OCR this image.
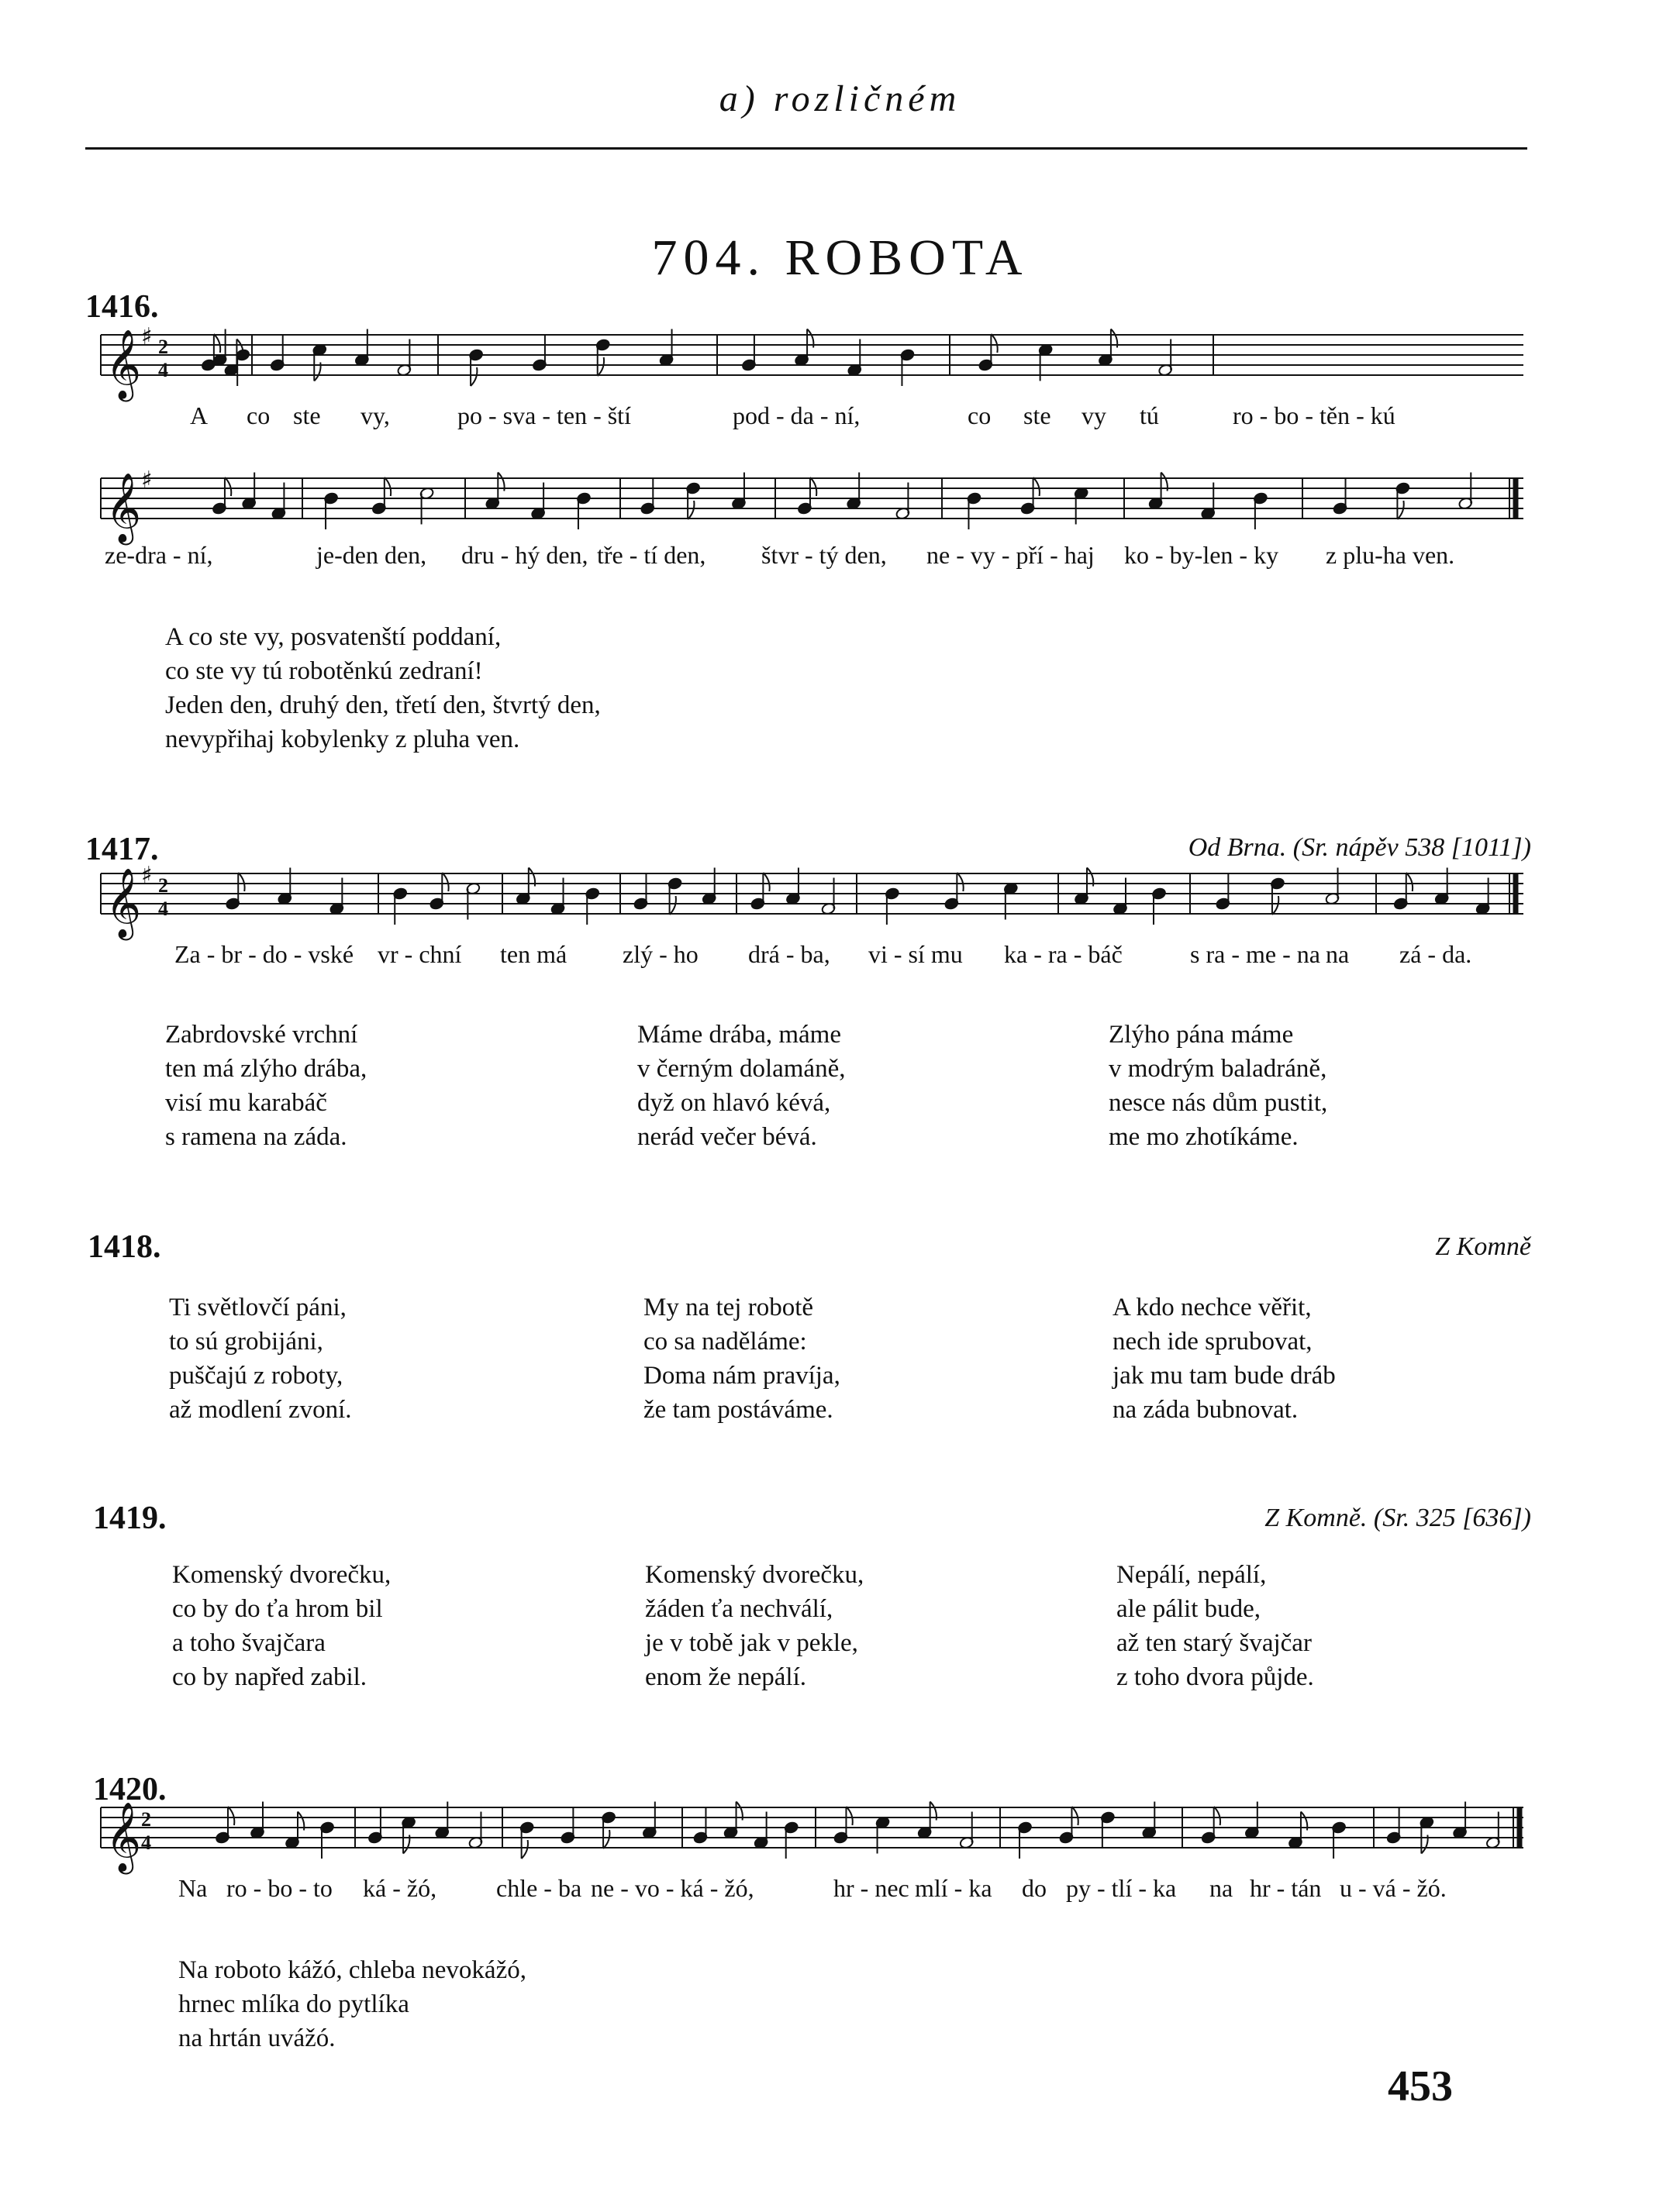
a) rozličném
704. ROBOTA
1416.
𝄞 ♯ 2
4
A co ste vy,	po - sva - ten - ští	pod - da - ní,	co ste vy tú	ro - bo - těn - kú
𝄞 ♯
ze-dra - ní,	je-den den, dru - hý den, tře - tí den, štvr - tý den, ne - vy - pří - haj ko - by-len - ky z plu-ha ven.
A co ste vy, posvatenští poddaní,
co ste vy tú robotěnkú zedraní!
Jeden den, druhý den, třetí den, štvrtý den,
nevypřihaj kobylenky z pluha ven.
1417.	Od Brna. (Sr. nápěv 538 [1011])
𝄞 ♯ 2
4
Za - br - do - vské vr - chní ten má zlý - ho drá - ba, vi - sí mu ka - ra - báč	s ra - me - na na zá - da.
Zabrdovské vrchní
ten má zlýho drába,
visí mu karabáč
s ramena na záda.
Máme drába, máme
v černým dolamáně,
dyž on hlavó kévá,
nerád večer bévá.
Zlýho pána máme
v modrým baladráně,
nesce nás dům pustit,
me mo zhotíkáme.
1418.	Z Komně
Ti světlovčí páni,
to sú grobijáni,
puščajú z roboty,
až modlení zvoní.
My na tej robotě
co sa naděláme:
Doma nám pravíja,
že tam postáváme.
A kdo nechce věřit,
nech ide sprubovat,
jak mu tam bude dráb
na záda bubnovat.
1419.	Z Komně. (Sr. 325 [636])
Komenský dvorečku,
co by do ťa hrom bil
a toho švajčara
co by napřed zabil.
Komenský dvorečku,
žáden ťa nechválí,
je v tobě jak v pekle,
enom že nepálí.
Nepálí, nepálí,
ale pálit bude,
až ten starý švajčar
z toho dvora půjde.
1420.
𝄞 2
4
Na ro - bo - to ká - žó, chle - ba ne - vo - ká - žó,	hr - nec mlí - ka do py - tlí - ka na hr - tán u - vá - žó.
Na roboto kážó, chleba nevokážó,
hrnec mlíka do pytlíka
na hrtán uvážó.
453
